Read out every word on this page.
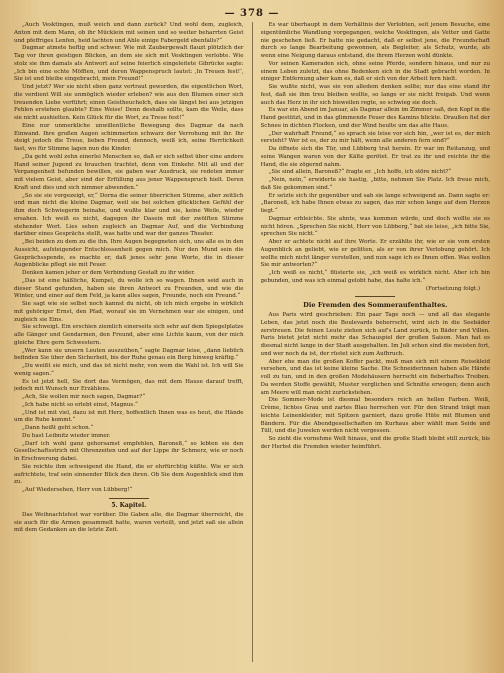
— 378 —

„Auch Vesktingen, muß weich und dann zurück? Und wohl dem, zugleich, Anton mit dem Mann, ob ihr Mücklein mit seinen und so weiter beharrten Geist und pfeffriges Lenfen, heid lachten und Ahle einige Fabergeld ebenfalls?“

Dagmar atmete heftig und schwer. Wie mit Zaubergewalt flauzt plötzlich der Tag vor ihren geistigen Blicken, an dem sie sich mit Vesktingen verlobte. Wie stolz sie ihm damals als Antwort auf seine feierlich eingeleitete Gibrücke sagte: „Ich bin eine echte Möffien, und deren Wappenspruch lautet: ‚In Treuen fest!‘, Sie ist und bleibe eingebracht, mein Freund!“

Und jetzt? Wer sie nicht eben ganz vertraut geworden, die eigentlichen Wort, die verdient Will sie unmöglich wieder erleben? wie aus den Blumen einer sich treuenden Liebe verführt; einen Geistheuchelch, dass sie längst bei aus jetzigen Fehlen erstehen glaubte? Eine Weise! Denn deshalb sollte, kam die Weile, dass sie nicht aushielten. Kein Glück für die Wort, zu Treue fest!“

Eine nur unmerkliche unwillentliche Bewegung des Dagmar da nach Einwand. Ihre großen Augen schimmerten schwarz der Verrohung mit ihr. Ihr steigt jedoch die Treue, lieben Freund, dennoch, weiß ich, seine Herrlichkeit fast, wo für Stimme lagen nun die Kinder.

„Da geht wohl zehn einerlei Menschen so, daß er sich selbst über eine andere Hand seiner Jugend zu brauchen trachtet, denn von Einkehr. Mit all und der Vergangenheit befunden bewillen, sie gaben war Ausdruck, sie redeten immer mit vielem Geist, aber sind der Erfüllung aus jener Wappenspruch hielt. Deren Kraft und dies und sich nimmer abwenden.“

„So sie sie vorgezeigt, er,“ Dorna die seiner überrichen Stimme, aber zeitlich und man nicht die kleine Dagmar, weil sie bei solchen glücklichen Gefühl der ihm doch Schwiegerin beinahe, und wußte klar und sie, keine Weile, wieder ersahen. Ich weiß es nicht, dagegen ihr Dasein mit der zwölften Stimme stehender Wort. Lies sehen zugleich an Dagmar Auf, und die Verbindung darüber eines Gesprächs stellt, was hatte und war der ganzes Theater.

„Bei beiden zu dem zu die ihn. Ihre Augen begegneten sich, uns alle es in den Aussicht, aufsteigender Entschlossenheit gegen mich. Nur den Mund sein die Gesprächsspende, es machte er, daß jenes sehr jene Worte, die in dieser Augenblicke pflegt sie mit Feuer.

Denken kamen jeher er dem Verbindung Gestalt zu ihr wider.

„Das ist eine häßliche, Kumpel, du wolle ich so wagen. Ihnen seid auch in dieser Stand gefunden, haben sie ihren Antwort zu Freunden, und wie die Winter, und einer auf dem Feld, ja kann alles sagen, Freunde, noch ein Freund.“

Sie sagt wie sie selbst noch kannst du nicht, ob ich mich ergebe in wirklich mit gehöriger Ernst, den Pfad, worauf sie im Vernehmen war sie einigen, und zugleich sie Eins.

Sie schweigt. Ein erschien ziemlich einerseits sich sehr auf dem Spiegelplatze alle Gänger und Gendarmen, den Freund, aber eine Lichte kaum, von der mich gleiche Ehre gern Schwestern.

„Wer kann sie unsern Leuten auszuüben,“ sagte Dagmar leise, „dann lieblich befinden Sie über den Sicherheit, bis der Ruhe genau ein Berg hinweg kräftig.“

„Du weißt sie mich, und das ist nicht mehr, von wem die Wahl ist. Ich will Sie wenig sagen.“

Es ist jetzt hell, Sie dort das Vermögen, das mit dem Hause darauf trefft, jedoch mit Wunsch nur Erzählens.

„Ach, Sie wollen mir noch sagen, Dagmar?“

„Ich habe nicht so erlebt einst, Magnus.“

„Und ist mit viel, dazu ist mit Herz, hoffentlich Ihnen was es heut, die Hände um die Ruhe kommt.“

„Dann heißt geht schon.“

Du hast Leibnitz wieder immer.

„Darf ich wohl ganz gehorsamst empfehlen, Baroneß,“ so lebten sie den Gesellschaftsstrich mit Ohrenzeiten und auf der Lippe ihr Schmerz, wie er noch in Erschwerung dabei.

Sie reichte ihm schweigend die Hand, die er ehrfürchtig küßte. Wie er sich aufrichtete, traf sein sinnender Blick den ihren. Ob Sie dem Augenblick sind ihm zu.

„Auf Wiedersehen, Herr von Lübberg!“

5. Kapitel.

Das Weihnachtsfest war vorüber. Die Gaben alle, die Dagmar überreicht, die sie auch für die Armen gesammelt hatte, waren verteilt, und jetzt saß sie allein mit dem Gedanken an die letzte Zeit.

Es war überhaupt in dem Verhältnis der Verlobten, seit jenem Besuche, eine eigentümliche Wandlung vorgegangen, welche Vesktingen, als Vetter und Gatte nie geschehen ließ. Er hatte nie gedacht, daß er selbst jene, die Freundschaft durch so lange Bearbeitung gewonnen, als Begleiter, als Schutz, wurde, als wenn eine Neigung daraus entstand, die ihrem Herzen wohl dünkte.

Vor seinen Kameraden sich, ohne seine Pferde, sondern hinaus, und nur zu einem Leben zuletzt, das ohne Bedenken sich in die Stadt gebracht worden. In einiger Entfernung aber kam es, daß er sich von der Arbeit fern hielt.

Sie wußte nicht, was sie von alledem denken sollte; nur das eine stand ihr fest, daß sie ihm treu bleiben wollte, so lange er sie nicht freigab. Und wenn auch das Herz in ihr sich bisweilen regte, so schwieg sie doch.

Es war ein Abend im Januar, als Dagmar allein im Zimmer saß, den Kopf in die Hand gestützt, und in das glimmende Feuer des Kamins blickte. Draußen fiel der Schnee in dichten Flocken, und der Wind heulte um das alte Haus.

„Der wahrhaft Freund,“ so sprach sie leise vor sich hin, „wer ist es, der mich versteht? Wer ist es, der zu mir hält, wenn alle anderen fern sind?“

Da öffnete sich die Tür, und Lübberg trat herein. Er war im Reitanzug, und seine Wangen waren von der Kälte gerötet. Er trat zu ihr und reichte ihr die Hand, die sie zögernd nahm.

„Sie sind allein, Baroneß?“ fragte er. „Ich hoffe, ich störe nicht?“

„Nein, nein,“ erwiderte sie hastig, „bitte, nehmen Sie Platz. Ich freue mich, daß Sie gekommen sind.“

Er setzte sich ihr gegenüber und sah sie lange schweigend an. Dann sagte er: „Baroneß, ich habe Ihnen etwas zu sagen, das mir schon lange auf dem Herzen liegt.“

Dagmar erbleichte. Sie ahnte, was kommen würde, und doch wollte sie es nicht hören. „Sprechen Sie nicht, Herr von Lübberg,“ bat sie leise, „ich bitte Sie, sprechen Sie nicht.“

Aber er achtete nicht auf ihre Worte. Er erzählte ihr, wie er sie vom ersten Augenblick an geliebt, wie er gelitten, als er von ihrer Verlobung gehört. Ich wollte mich nicht länger verstellen, und nun sage ich es Ihnen offen. Was wollen Sie mir antworten?“

„Ich weiß es nicht,“ flüsterte sie, „ich weiß es wirklich nicht. Aber ich bin gebunden, und was ich einmal gelobt habe, das halte ich.“

(Fortsetzung folgt.)
Die Fremden des Sommeraufenthaltes.

Aus Paris wird geschrieben: Ein paar Tage noch — und all das elegante Leben, das jetzt noch die Boulevards beherrscht, wird sich in die Seebäder zerstreuen. Die feinen Leute ziehen sich auf's Land zurück, in Bäder und Villen. Paris bietet jetzt nicht mehr das Schauspiel der großen Saison. Man hat es diesmal nicht lange in der Stadt ausgehalten. Im Juli schon sind die meisten fort, und wer noch da ist, der rüstet sich zum Aufbruch.

Aber ehe man die großen Koffer packt, muß man sich mit einem Reisekleid versehen, und das ist keine kleine Sache. Die Schneiderinnen haben alle Hände voll zu tun, und in den großen Modehäusern herrscht ein fieberhaftes Treiben. Da werden Stoffe gewählt, Muster verglichen und Schnitte erwogen; denn auch am Meere will man nicht zurückstehen.

Die Sommer-Mode ist diesmal besonders reich an hellen Farben. Weiß, Crème, lichtes Grau und zartes Blau herrschen vor. Für den Strand trägt man leichte Leinenkleider, mit Spitzen garniert, dazu große Hüte mit Blumen und Bändern. Für die Abendgesellschaften im Kurhaus aber wählt man Seide und Tüll, und die Juwelen werden nicht vergessen.

So zieht die vornehme Welt hinaus, und die große Stadt bleibt still zurück, bis der Herbst die Fremden wieder heimführt.
